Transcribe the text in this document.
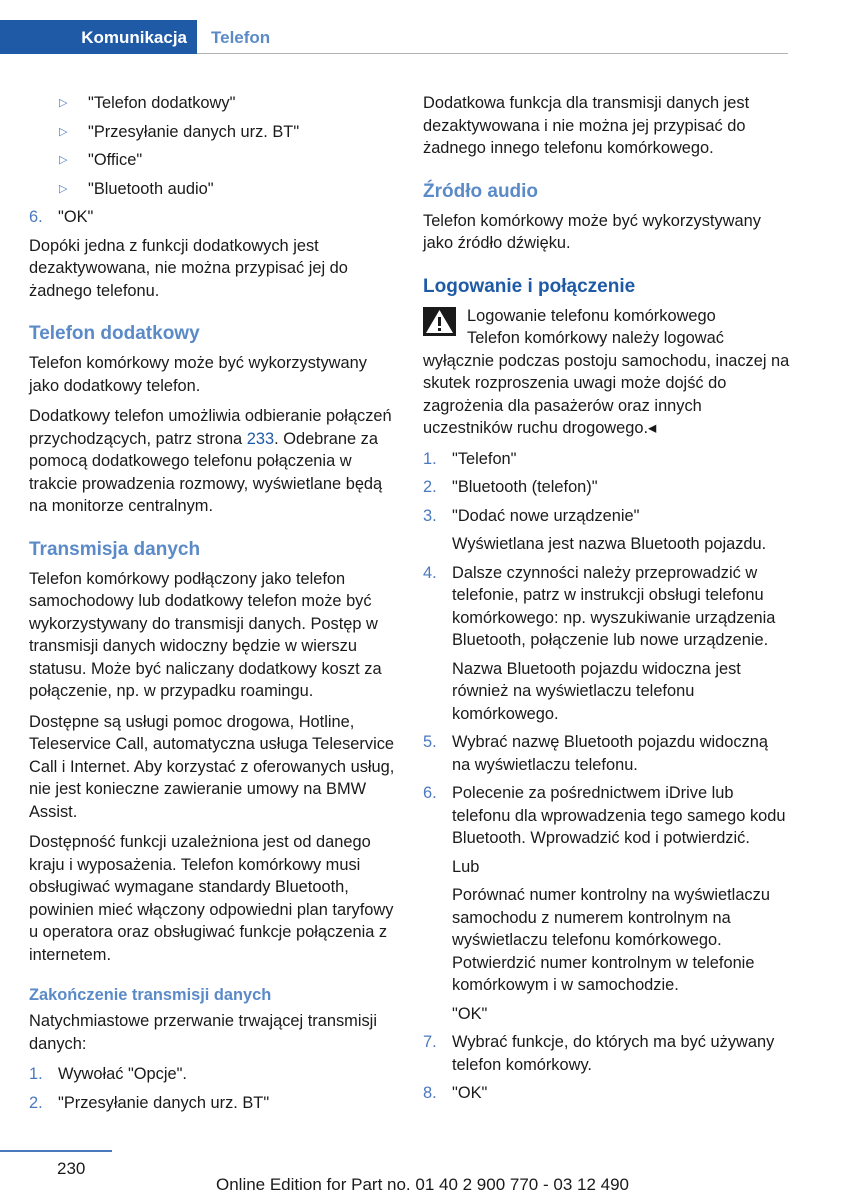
Komunikacja Telefon
▷ "Telefon dodatkowy"
▷ "Przesyłanie danych urz. BT"
▷ "Office"
▷ "Bluetooth audio"
6. "OK"

Dopóki jedna z funkcji dodatkowych jest dezaktywowana, nie można przypisać jej do żadnego telefonu.

Telefon dodatkowy

Telefon komórkowy może być wykorzystywany jako dodatkowy telefon.

Dodatkowy telefon umożliwia odbieranie połączeń przychodzących, patrz strona 233. Odebrane za pomocą dodatkowego telefonu połączenia w trakcie prowadzenia rozmowy, wyświetlane będą na monitorze centralnym.

Transmisja danych

Telefon komórkowy podłączony jako telefon samochodowy lub dodatkowy telefon może być wykorzystywany do transmisji danych. Postęp w transmisji danych widoczny będzie w wierszu statusu. Może być naliczany dodatkowy koszt za połączenie, np. w przypadku roamingu.

Dostępne są usługi pomoc drogowa, Hotline, Teleservice Call, automatyczna usługa Teleservice Call i Internet. Aby korzystać z oferowanych usług, nie jest konieczne zawieranie umowy na BMW Assist.

Dostępność funkcji uzależniona jest od danego kraju i wyposażenia. Telefon komórkowy musi obsługiwać wymagane standardy Bluetooth, powinien mieć włączony odpowiedni plan taryfowy u operatora oraz obsługiwać funkcje połączenia z internetem.

Zakończenie transmisji danych

Natychmiastowe przerwanie trwającej transmisji danych:

1. Wywołać "Opcje".
2. "Przesyłanie danych urz. BT"

Dodatkowa funkcja dla transmisji danych jest dezaktywowana i nie można jej przypisać do żadnego innego telefonu komórkowego.

Źródło audio

Telefon komórkowy może być wykorzystywany jako źródło dźwięku.

Logowanie i połączenie
Logowanie telefonu komórkowego

Telefon komórkowy należy logować wyłącznie podczas postoju samochodu, inaczej na skutek rozproszenia uwagi może dojść do zagrożenia dla pasażerów oraz innych uczestników ruchu drogowego.◂

1. "Telefon"
2. "Bluetooth (telefon)"
3. "Dodać nowe urządzenie"

Wyświetlana jest nazwa Bluetooth pojazdu.

4. Dalsze czynności należy przeprowadzić w telefonie, patrz w instrukcji obsługi telefonu komórkowego: np. wyszukiwanie urządzenia Bluetooth, połączenie lub nowe urządzenie.

Nazwa Bluetooth pojazdu widoczna jest również na wyświetlaczu telefonu komórkowego.

5. Wybrać nazwę Bluetooth pojazdu widoczną na wyświetlaczu telefonu.
6. Polecenie za pośrednictwem iDrive lub telefonu dla wprowadzenia tego samego kodu Bluetooth. Wprowadzić kod i potwierdzić.

Lub

Porównać numer kontrolny na wyświetlaczu samochodu z numerem kontrolnym na wyświetlaczu telefonu komórkowego. Potwierdzić numer kontrolnym w telefonie komórkowym i w samochodzie.

"OK"

7. Wybrać funkcje, do których ma być używany telefon komórkowy.
8. "OK"
230
Online Edition for Part no. 01 40 2 900 770 - 03 12 490
